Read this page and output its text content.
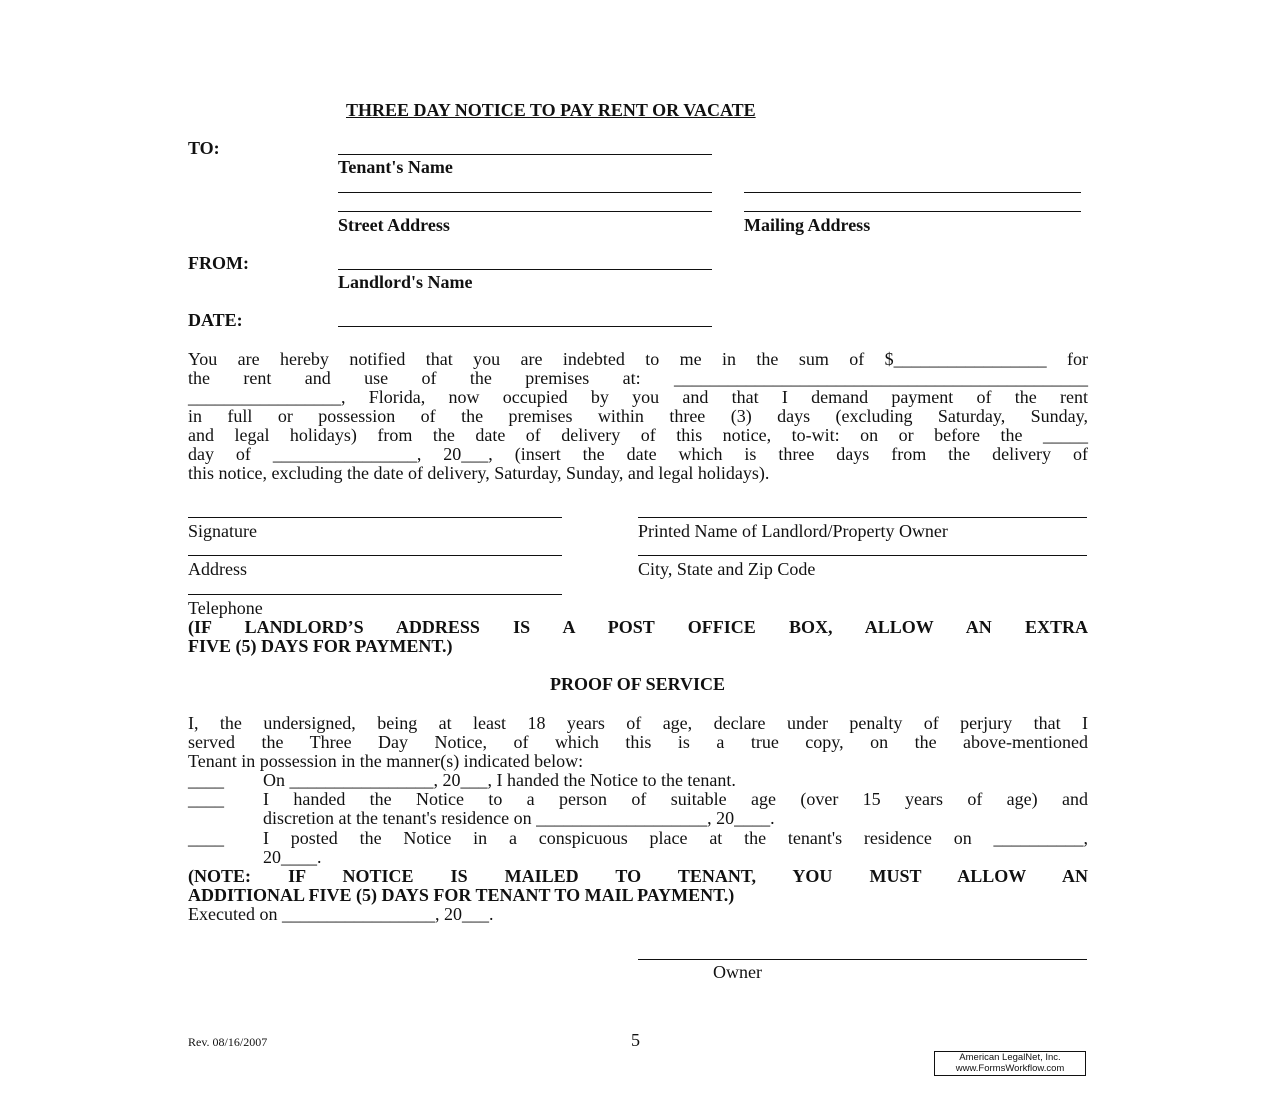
THREE DAY NOTICE TO PAY RENT OR VACATE
TO:
Tenant's Name
Street Address	Mailing Address
FROM:
Landlord's Name
DATE:
You are hereby notified that you are indebted to me in the sum of $_________________ for
the rent and use of the premises at: ______________________________________________
_________________, Florida, now occupied by you and that I demand payment of the rent
in full or possession of the premises within three (3) days (excluding Saturday, Sunday,
and legal holidays) from the date of delivery of this notice, to-wit: on or before the _____
day of ________________, 20___, (insert the date which is three days from the delivery of
this notice, excluding the date of delivery, Saturday, Sunday, and legal holidays).
Signature	Printed Name of Landlord/Property Owner
Address	City, State and Zip Code
Telephone
(IF LANDLORD’S ADDRESS IS A POST OFFICE BOX, ALLOW AN EXTRA
FIVE (5) DAYS FOR PAYMENT.)
PROOF OF SERVICE
I, the undersigned, being at least 18 years of age, declare under penalty of perjury that I
served the Three Day Notice, of which this is a true copy, on the above-mentioned
Tenant in possession in the manner(s) indicated below:
____ On ________________, 20___, I handed the Notice to the tenant.
____ I handed the Notice to a person of suitable age (over 15 years of age) and
discretion at the tenant's residence on ___________________, 20____.
____ I posted the Notice in a conspicuous place at the tenant's residence on __________,
20____.
(NOTE: IF NOTICE IS MAILED TO TENANT, YOU MUST ALLOW AN
ADDITIONAL FIVE (5) DAYS FOR TENANT TO MAIL PAYMENT.)
Executed on _________________, 20___.
Owner
Rev. 08/16/2007	5
American LegalNet, Inc.
www.FormsWorkflow.com
